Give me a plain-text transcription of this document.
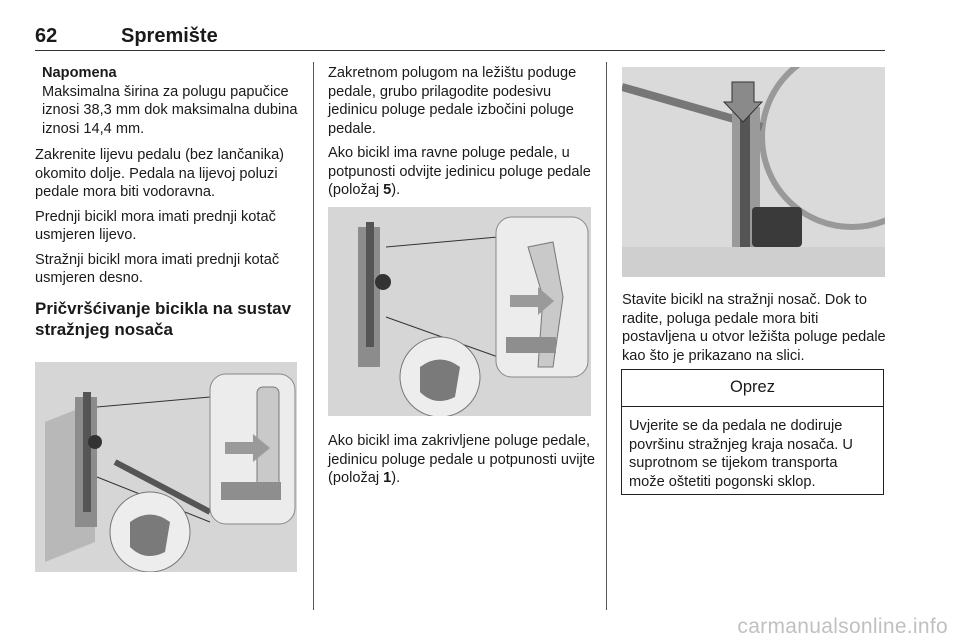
62	Spremište
Napomena
Maksimalna širina za polugu papučice iznosi 38,3 mm dok maksimalna dubina iznosi 14,4 mm.

Zakrenite lijevu pedalu (bez lančanika) okomito dolje. Pedala na lijevoj poluzi pedale mora biti vodoravna.

Prednji bicikl mora imati prednji kotač usmjeren lijevo.

Stražnji bicikl mora imati prednji kotač usmjeren desno.

Pričvršćivanje bicikla na sustav stražnjeg nosača

Zakretnom polugom na ležištu poduge pedale, grubo prilagodite podesivu jedinicu poluge pedale izbočini poluge pedale.

Ako bicikl ima ravne poluge pedale, u potpunosti odvijte jedinicu poluge pedale (položaj 5).

Ako bicikl ima zakrivljene poluge pedale, jedinicu poluge pedale u potpunosti uvijte (položaj 1).

Stavite bicikl na stražnji nosač. Dok to radite, poluga pedale mora biti postavljena u otvor ležišta poluge pedale kao što je prikazano na slici.

Oprez
Uvjerite se da pedala ne dodiruje površinu stražnjeg kraja nosača. U suprotnom se tijekom transporta može oštetiti pogonski sklop.
carmanualsonline.info
